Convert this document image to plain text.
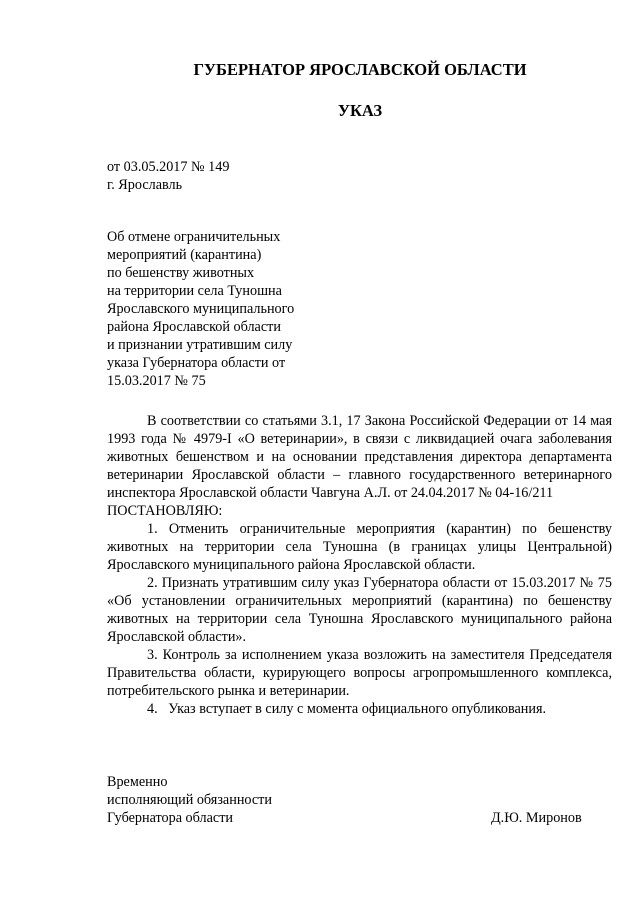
ГУБЕРНАТОР ЯРОСЛАВСКОЙ ОБЛАСТИ
УКАЗ
от 03.05.2017 № 149
г. Ярославль
Об отмене ограничительных
мероприятий (карантина)
по бешенству животных
на территории села Туношна
Ярославского муниципального
района Ярославской области
и признании утратившим силу
указа Губернатора области от
15.03.2017 № 75

В соответствии со статьями 3.1, 17 Закона Российской Федерации от 14 мая 1993 года № 4979-I «О ветеринарии», в связи с ликвидацией очага заболевания животных бешенством и на основании представления директора департамента ветеринарии Ярославской области – главного государственного ветеринарного инспектора Ярославской области Чавгуна А.Л. от 24.04.2017 № 04-16/211

ПОСТАНОВЛЯЮ:

1. Отменить ограничительные мероприятия (карантин) по бешенству животных на территории села Туношна (в границах улицы Центральной) Ярославского муниципального района Ярославской области.

2. Признать утратившим силу указ Губернатора области от 15.03.2017 № 75 «Об установлении ограничительных мероприятий (карантина) по бешенству животных на территории села Туношна Ярославского муниципального района Ярославской области».

3. Контроль за исполнением указа возложить на заместителя Председателя Правительства области, курирующего вопросы агропромышленного комплекса, потребительского рынка и ветеринарии.

4.   Указ вступает в силу с момента официального опубликования.

Временно
исполняющий обязанности
Губернатора области	Д.Ю. Миронов
